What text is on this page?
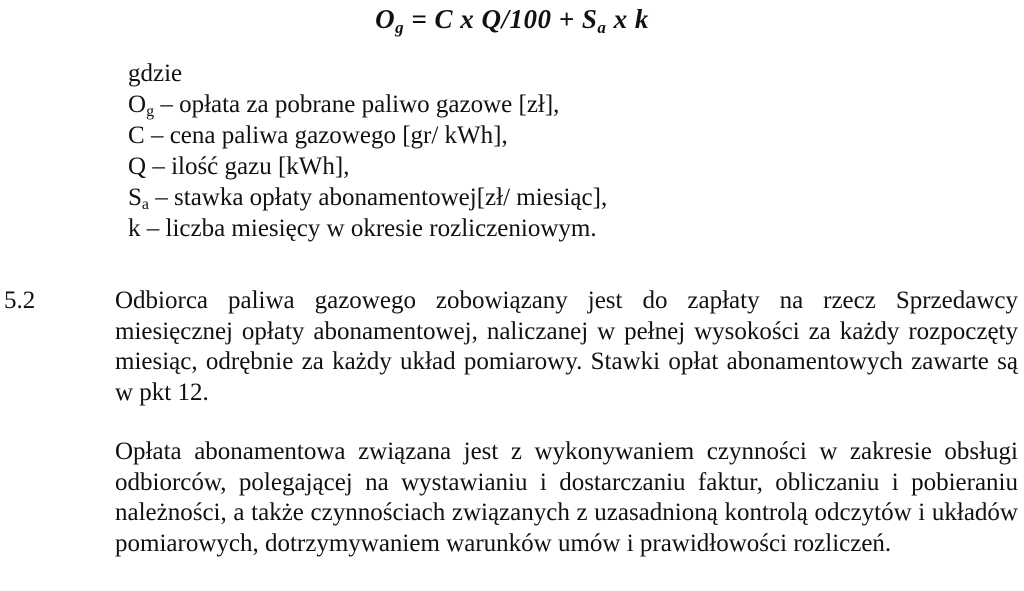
$O_g = C$ x $Q/100 + S_a$ x k
gdzie
$O_g$ – opłata za pobrane paliwo gazowe [zł],
C – cena paliwa gazowego [gr/ kWh],
Q – ilość gazu [kWh],
$S_a$ – stawka opłaty abonamentowej[zł/ miesiąc],
k – liczba miesięcy w okresie rozliczeniowym.
5.2	Odbiorca paliwa gazowego zobowiązany jest do zapłaty na rzecz Sprzedawcy miesięcznej opłaty abonamentowej, naliczanej w pełnej wysokości za każdy rozpoczęty miesiąc, odrębnie za każdy układ pomiarowy. Stawki opłat abonamentowych zawarte są w pkt 12.
Opłata abonamentowa związana jest z wykonywaniem czynności w zakresie obsługi odbiorców, polegającej na wystawianiu i dostarczaniu faktur, obliczaniu i pobieraniu należności, a także czynnościach związanych z uzasadnioną kontrolą odczytów i układów pomiarowych, dotrzymywaniem warunków umów i prawidłowości rozliczeń.
